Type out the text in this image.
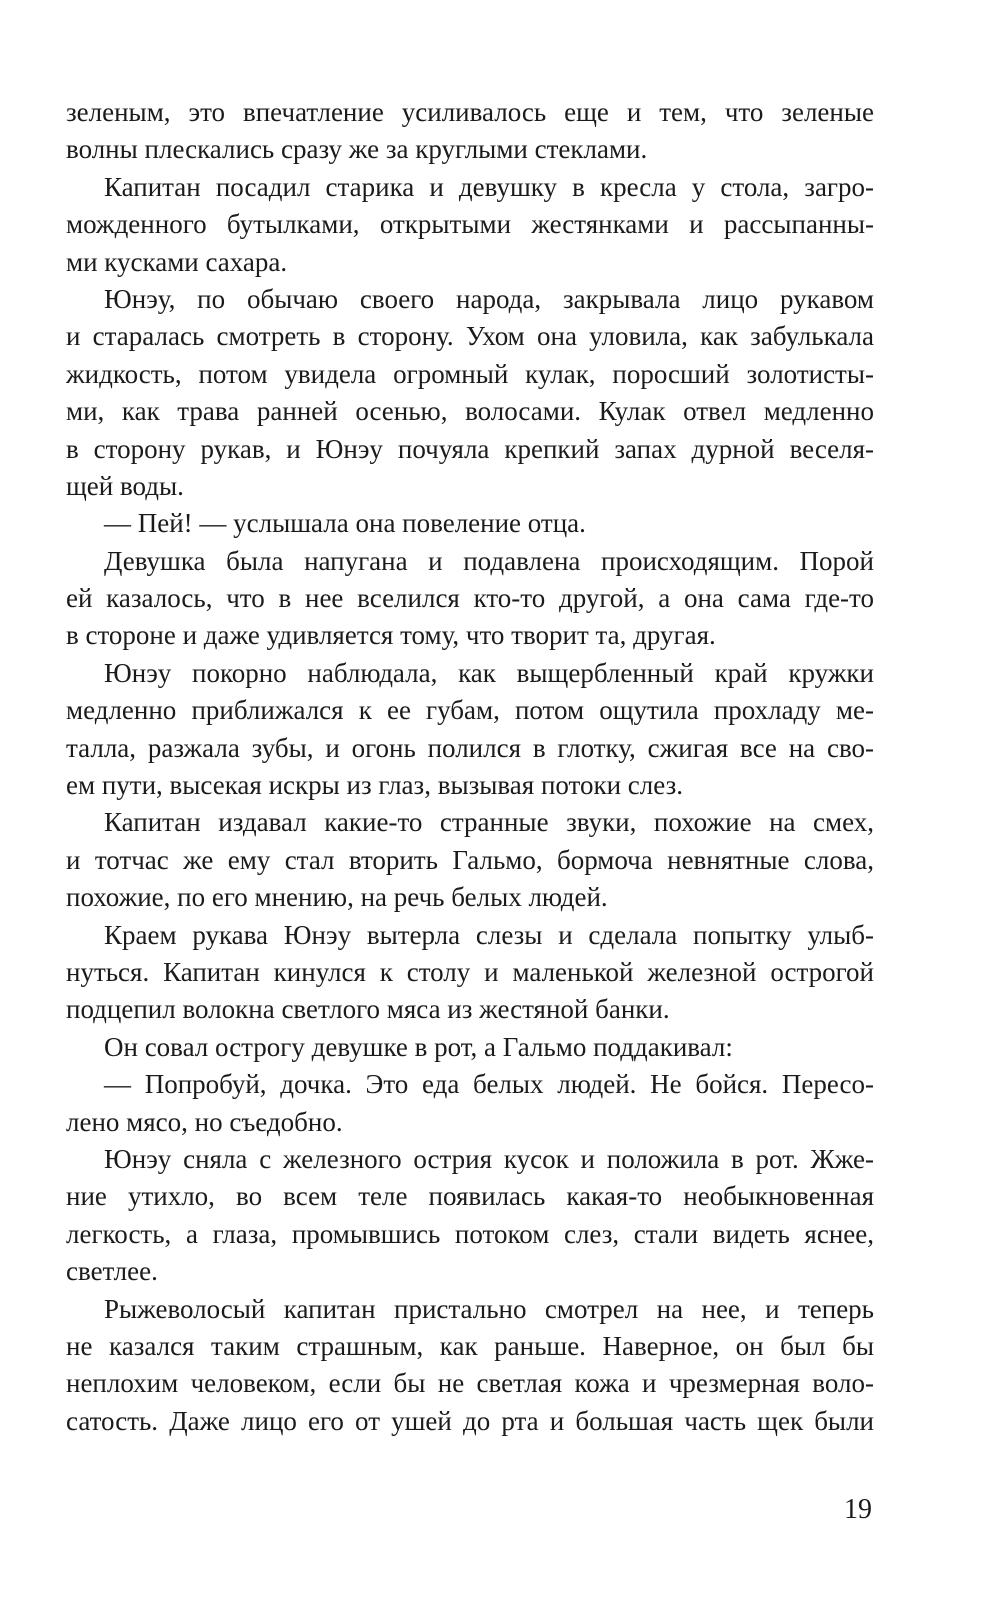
зеленым, это впечатление усиливалось еще и тем, что зеленые
волны плескались сразу же за круглыми стеклами.
Капитан посадил старика и девушку в кресла у стола, загро-
можденного бутылками, открытыми жестянками и рассыпанны-
ми кусками сахара.
Юнэу, по обычаю своего народа, закрывала лицо рукавом
и старалась смотреть в сторону. Ухом она уловила, как забулькала
жидкость, потом увидела огромный кулак, поросший золотисты-
ми, как трава ранней осенью, волосами. Кулак отвел медленно
в сторону рукав, и Юнэу почуяла крепкий запах дурной веселя-
щей воды.
— Пей! — услышала она повеление отца.
Девушка была напугана и подавлена происходящим. Порой
ей казалось, что в нее вселился кто-то другой, а она сама где-то
в стороне и даже удивляется тому, что творит та, другая.
Юнэу покорно наблюдала, как выщербленный край кружки
медленно приближался к ее губам, потом ощутила прохладу ме-
талла, разжала зубы, и огонь полился в глотку, сжигая все на сво-
ем пути, высекая искры из глаз, вызывая потоки слез.
Капитан издавал какие-то странные звуки, похожие на смех,
и тотчас же ему стал вторить Гальмо, бормоча невнятные слова,
похожие, по его мнению, на речь белых людей.
Краем рукава Юнэу вытерла слезы и сделала попытку улыб-
нуться. Капитан кинулся к столу и маленькой железной острогой
подцепил волокна светлого мяса из жестяной банки.
Он совал острогу девушке в рот, а Гальмо поддакивал:
— Попробуй, дочка. Это еда белых людей. Не бойся. Пересо-
лено мясо, но съедобно.
Юнэу сняла с железного острия кусок и положила в рот. Жже-
ние утихло, во всем теле появилась какая-то необыкновенная
легкость, а глаза, промывшись потоком слез, стали видеть яснее,
светлее.
Рыжеволосый капитан пристально смотрел на нее, и теперь
не казался таким страшным, как раньше. Наверное, он был бы
неплохим человеком, если бы не светлая кожа и чрезмерная воло-
сатость. Даже лицо его от ушей до рта и большая часть щек были
19
